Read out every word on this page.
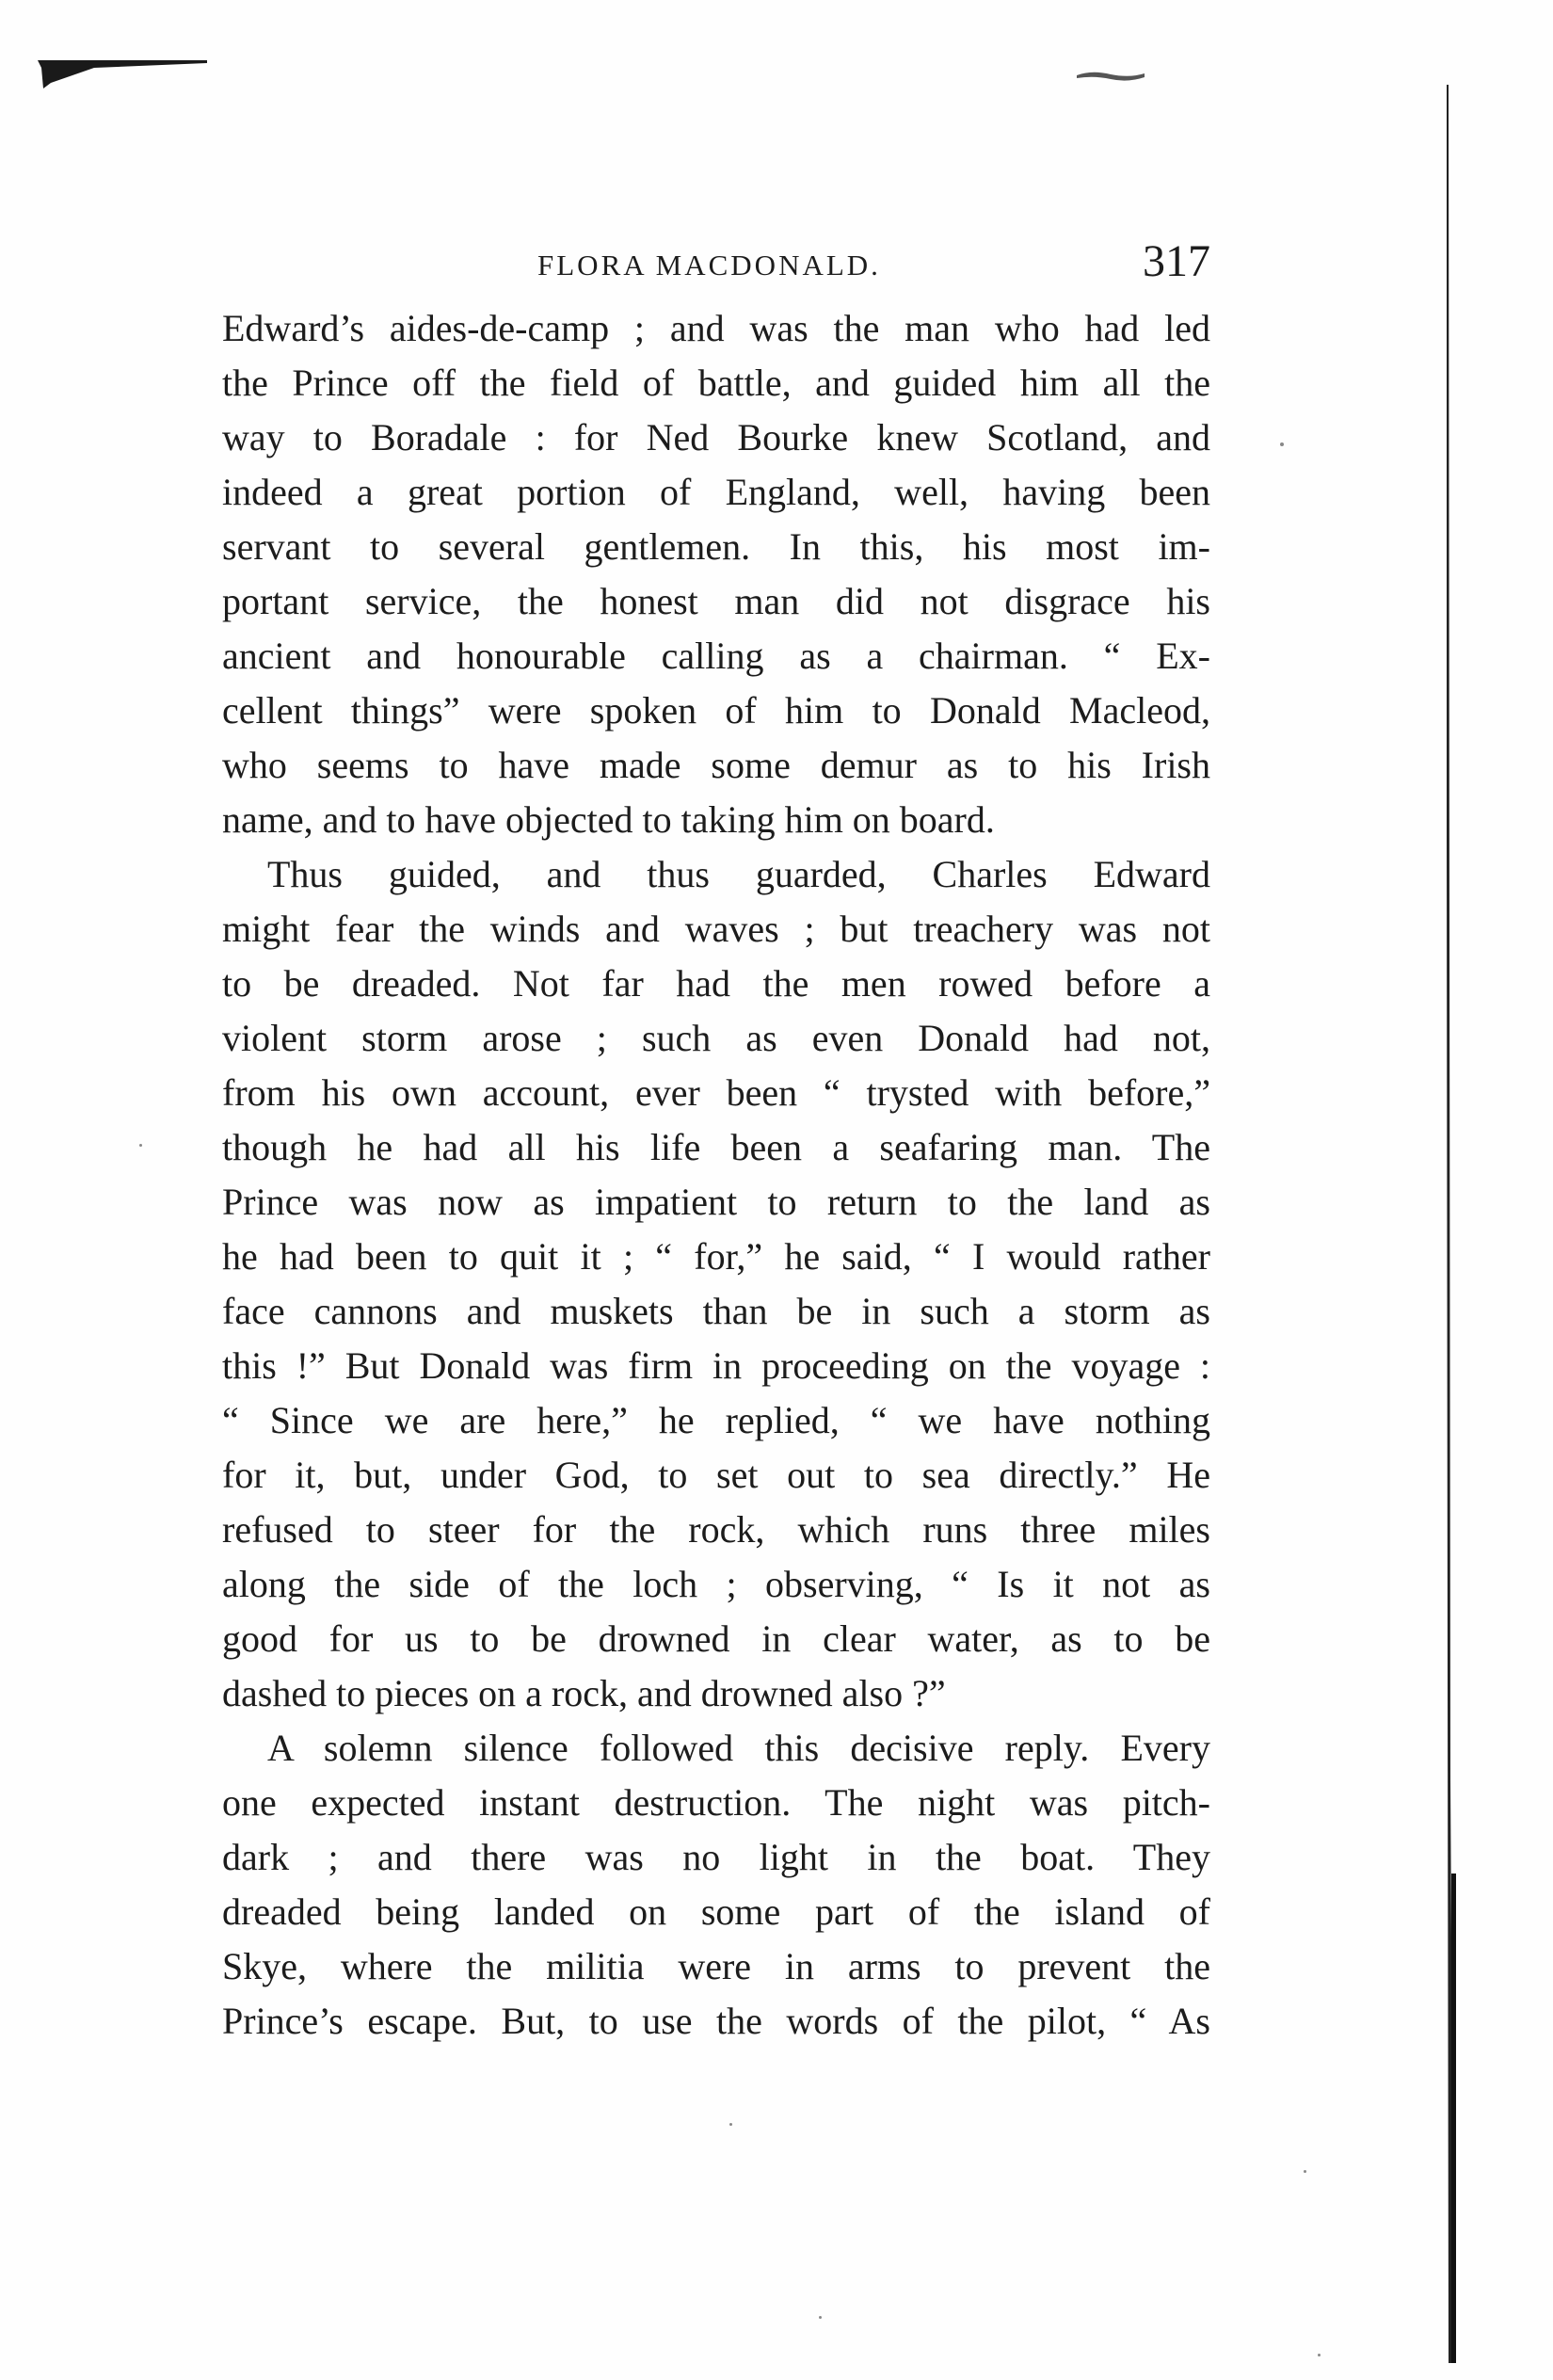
FLORA MACDONALD.	317
Edward’s aides-de-camp ; and was the man who had led
the Prince off the field of battle, and guided him all the
way to Boradale : for Ned Bourke knew Scotland, and
indeed a great portion of England, well, having been
servant to several gentlemen. In this, his most im-
portant service, the honest man did not disgrace his
ancient and honourable calling as a chairman. “ Ex-
cellent things” were spoken of him to Donald Macleod,
who seems to have made some demur as to his Irish
name, and to have objected to taking him on board.
Thus guided, and thus guarded, Charles Edward
might fear the winds and waves ; but treachery was not
to be dreaded. Not far had the men rowed before a
violent storm arose ; such as even Donald had not,
from his own account, ever been “ trysted with before,”
though he had all his life been a seafaring man. The
Prince was now as impatient to return to the land as
he had been to quit it ; “ for,” he said, “ I would rather
face cannons and muskets than be in such a storm as
this !” But Donald was firm in proceeding on the voyage :
“ Since we are here,” he replied, “ we have nothing
for it, but, under God, to set out to sea directly.” He
refused to steer for the rock, which runs three miles
along the side of the loch ; observing, “ Is it not as
good for us to be drowned in clear water, as to be
dashed to pieces on a rock, and drowned also ?”
A solemn silence followed this decisive reply. Every
one expected instant destruction. The night was pitch-
dark ; and there was no light in the boat. They
dreaded being landed on some part of the island of
Skye, where the militia were in arms to prevent the
Prince’s escape. But, to use the words of the pilot, “ As
